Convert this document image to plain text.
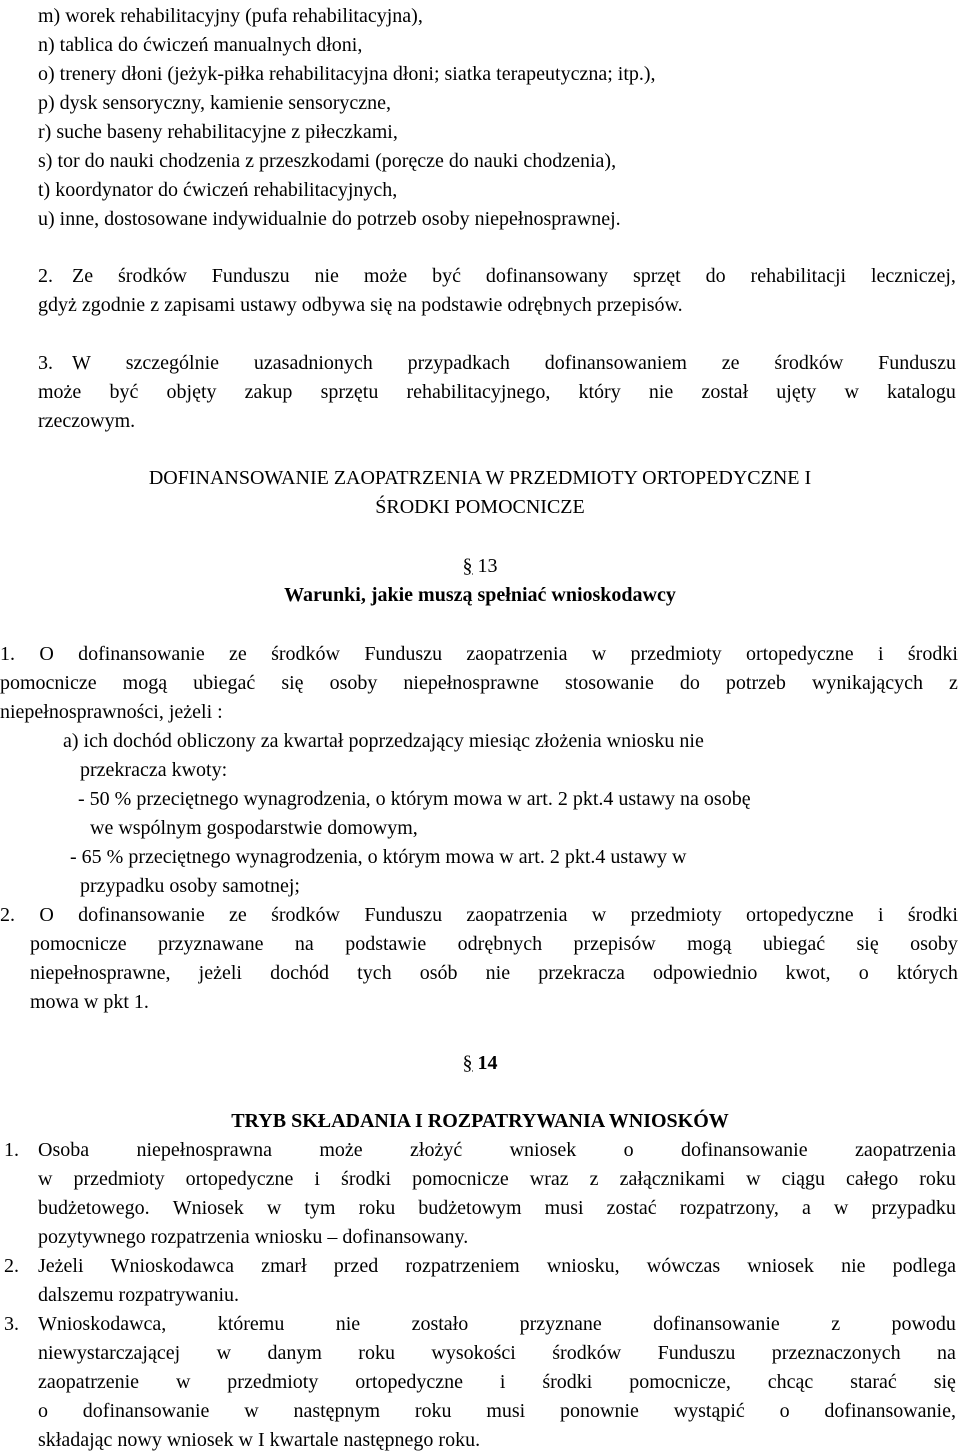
m) worek rehabilitacyjny (pufa rehabilitacyjna),
n) tablica do ćwiczeń manualnych dłoni,
o) trenery dłoni (jeżyk-piłka rehabilitacyjna dłoni; siatka terapeutyczna; itp.),
p) dysk sensoryczny, kamienie sensoryczne,
r) suche baseny rehabilitacyjne z piłeczkami,
s) tor do nauki chodzenia z przeszkodami (poręcze do nauki chodzenia),
t) koordynator do ćwiczeń rehabilitacyjnych,
u) inne, dostosowane indywidualnie do potrzeb osoby niepełnosprawnej.
2. Ze środków Funduszu nie może być dofinansowany sprzęt do rehabilitacji leczniczej,
gdyż zgodnie z zapisami ustawy odbywa się na podstawie odrębnych przepisów.
3. W szczególnie uzasadnionych przypadkach dofinansowaniem ze środków Funduszu
może być objęty zakup sprzętu rehabilitacyjnego, który nie został ujęty w katalogu
rzeczowym.
DOFINANSOWANIE ZAOPATRZENIA W PRZEDMIOTY ORTOPEDYCZNE I
ŚRODKI POMOCNICZE
§ 13
Warunki, jakie muszą spełniać wnioskodawcy
1. O dofinansowanie ze środków Funduszu zaopatrzenia w przedmioty ortopedyczne i środki
pomocnicze mogą ubiegać się osoby niepełnosprawne stosowanie do potrzeb wynikających z
niepełnosprawności, jeżeli :
a) ich dochód obliczony za kwartał poprzedzający miesiąc złożenia wniosku nie
przekracza kwoty:
- 50 % przeciętnego wynagrodzenia, o którym mowa w art. 2 pkt.4 ustawy na osobę
we wspólnym gospodarstwie domowym,
- 65 % przeciętnego wynagrodzenia, o którym mowa w art. 2 pkt.4 ustawy w
przypadku osoby samotnej;
2. O dofinansowanie ze środków Funduszu zaopatrzenia w przedmioty ortopedyczne i środki
pomocnicze przyznawane na podstawie odrębnych przepisów mogą ubiegać się osoby
niepełnosprawne, jeżeli dochód tych osób nie przekracza odpowiednio kwot, o których
mowa w pkt 1.
§ 14
TRYB SKŁADANIA I ROZPATRYWANIA WNIOSKÓW
1. Osoba niepełnosprawna może złożyć wniosek o dofinansowanie zaopatrzenia
w przedmioty ortopedyczne i środki pomocnicze wraz z załącznikami w ciągu całego roku
budżetowego. Wniosek w tym roku budżetowym musi zostać rozpatrzony, a w przypadku
pozytywnego rozpatrzenia wniosku – dofinansowany.
2. Jeżeli Wnioskodawca zmarł przed rozpatrzeniem wniosku, wówczas wniosek nie podlega
dalszemu rozpatrywaniu.
3. Wnioskodawca,	któremu	nie	zostało	przyznane	dofinansowanie	z	powodu
niewystarczającej w danym roku wysokości środków Funduszu przeznaczonych na
zaopatrzenie w przedmioty ortopedyczne i środki pomocnicze, chcąc starać się
o dofinansowanie w następnym roku musi ponownie wystąpić o dofinansowanie,
składając nowy wniosek w I kwartale następnego roku.
